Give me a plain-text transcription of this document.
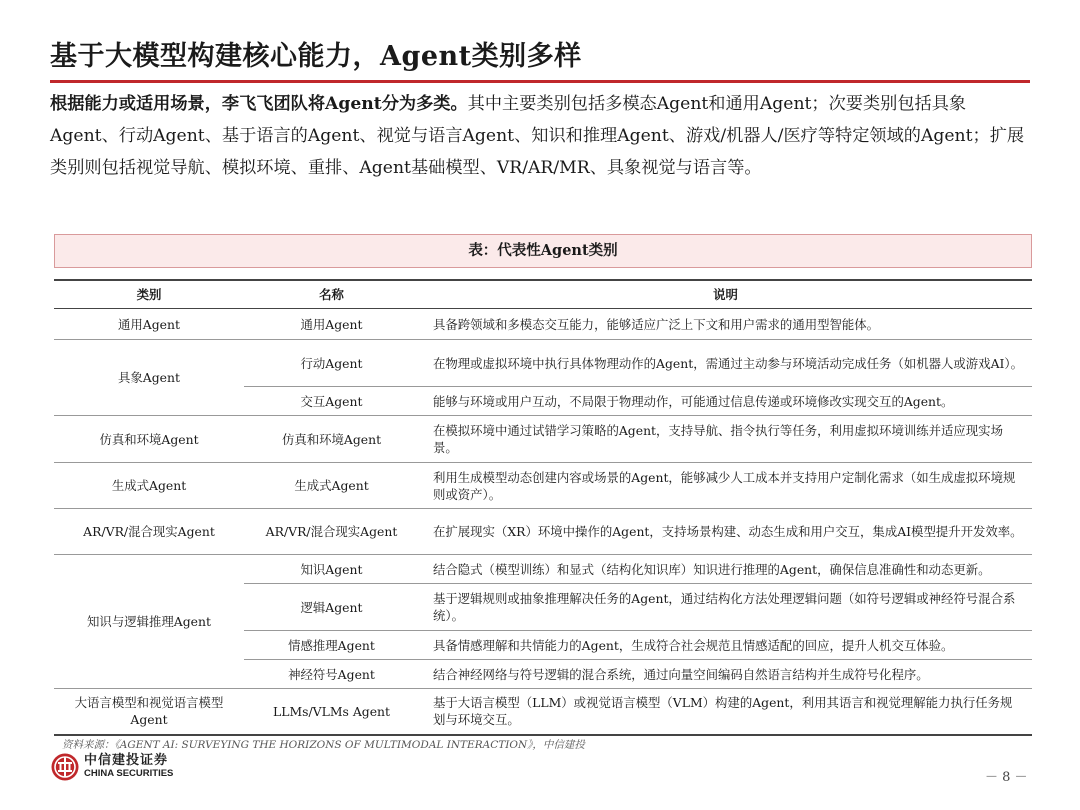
基于大模型构建核心能力，Agent类别多样
根据能力或适用场景，李飞飞团队将Agent分为多类。其中主要类别包括多模态Agent和通用Agent；次要类别包括具象Agent、行动Agent、基于语言的Agent、视觉与语言Agent、知识和推理Agent、游戏/机器人/医疗等特定领域的Agent；扩展类别则包括视觉导航、模拟环境、重排、Agent基础模型、VR/AR/MR、具象视觉与语言等。
表：代表性Agent类别
类别	名称	说明
通用Agent	通用Agent	具备跨领域和多模态交互能力，能够适应广泛上下文和用户需求的通用型智能体。
具象Agent	行动Agent	在物理或虚拟环境中执行具体物理动作的Agent，需通过主动参与环境活动完成任务（如机器人或游戏AI）。
	交互Agent	能够与环境或用户互动，不局限于物理动作，可能通过信息传递或环境修改实现交互的Agent。
仿真和环境Agent	仿真和环境Agent	在模拟环境中通过试错学习策略的Agent，支持导航、指令执行等任务，利用虚拟环境训练并适应现实场景。
生成式Agent	生成式Agent	利用生成模型动态创建内容或场景的Agent，能够减少人工成本并支持用户定制化需求（如生成虚拟环境规则或资产）。
AR/VR/混合现实Agent	AR/VR/混合现实Agent	在扩展现实（XR）环境中操作的Agent，支持场景构建、动态生成和用户交互，集成AI模型提升开发效率。
知识与逻辑推理Agent	知识Agent	结合隐式（模型训练）和显式（结构化知识库）知识进行推理的Agent，确保信息准确性和动态更新。
	逻辑Agent	基于逻辑规则或抽象推理解决任务的Agent，通过结构化方法处理逻辑问题（如符号逻辑或神经符号混合系统）。
	情感推理Agent	具备情感理解和共情能力的Agent，生成符合社会规范且情感适配的回应，提升人机交互体验。
	神经符号Agent	结合神经网络与符号逻辑的混合系统，通过向量空间编码自然语言结构并生成符号化程序。
大语言模型和视觉语言模型Agent	LLMs/VLMs Agent	基于大语言模型（LLM）或视觉语言模型（VLM）构建的Agent，利用其语言和视觉理解能力执行任务规划与环境交互。
资料来源：《AGENT AI: SURVEYING THE HORIZONS OF MULTIMODAL INTERACTION》，中信建投
中信建投证券
CHINA SECURITIES	－ 8 －
